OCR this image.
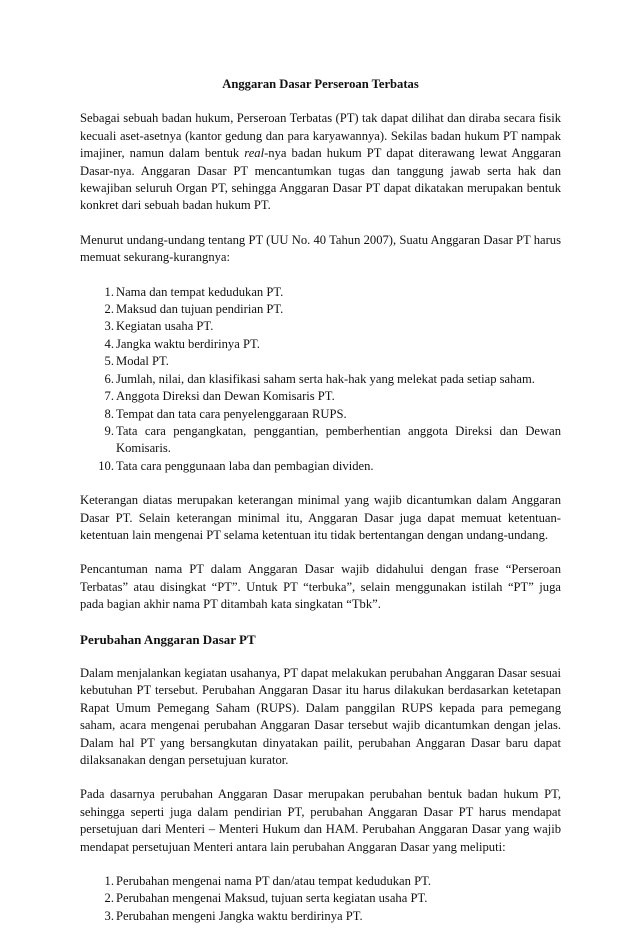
Anggaran Dasar Perseroan Terbatas

Sebagai sebuah badan hukum, Perseroan Terbatas (PT) tak dapat dilihat dan diraba secara fisik kecuali aset-asetnya (kantor gedung dan para karyawannya). Sekilas badan hukum PT nampak imajiner, namun dalam bentuk real-nya badan hukum PT dapat diterawang lewat Anggaran Dasar-nya. Anggaran Dasar PT mencantumkan tugas dan tanggung jawab serta hak dan kewajiban seluruh Organ PT, sehingga Anggaran Dasar PT dapat dikatakan merupakan bentuk konkret dari sebuah badan hukum PT.

Menurut undang-undang tentang PT (UU No. 40 Tahun 2007), Suatu Anggaran Dasar PT harus memuat sekurang-kurangnya:

1. Nama dan tempat kedudukan PT.
2. Maksud dan tujuan pendirian PT.
3. Kegiatan usaha PT.
4. Jangka waktu berdirinya PT.
5. Modal PT.
6. Jumlah, nilai, dan klasifikasi saham serta hak-hak yang melekat pada setiap saham.
7. Anggota Direksi dan Dewan Komisaris PT.
8. Tempat dan tata cara penyelenggaraan RUPS.
9. Tata cara pengangkatan, penggantian, pemberhentian anggota Direksi dan Dewan Komisaris.
10. Tata cara penggunaan laba dan pembagian dividen.

Keterangan diatas merupakan keterangan minimal yang wajib dicantumkan dalam Anggaran Dasar PT. Selain keterangan minimal itu, Anggaran Dasar juga dapat memuat ketentuan-ketentuan lain mengenai PT selama ketentuan itu tidak bertentangan dengan undang-undang.

Pencantuman nama PT dalam Anggaran Dasar wajib didahului dengan frase “Perseroan Terbatas” atau disingkat “PT”. Untuk PT “terbuka”, selain menggunakan istilah “PT” juga pada bagian akhir nama PT ditambah kata singkatan “Tbk”.

Perubahan Anggaran Dasar PT

Dalam menjalankan kegiatan usahanya, PT dapat melakukan perubahan Anggaran Dasar sesuai kebutuhan PT tersebut. Perubahan Anggaran Dasar itu harus dilakukan berdasarkan ketetapan Rapat Umum Pemegang Saham (RUPS). Dalam panggilan RUPS kepada para pemegang saham, acara mengenai perubahan Anggaran Dasar tersebut wajib dicantumkan dengan jelas. Dalam hal PT yang bersangkutan dinyatakan pailit, perubahan Anggaran Dasar baru dapat dilaksanakan dengan persetujuan kurator.

Pada dasarnya perubahan Anggaran Dasar merupakan perubahan bentuk badan hukum PT, sehingga seperti juga dalam pendirian PT, perubahan Anggaran Dasar PT harus mendapat persetujuan dari Menteri – Menteri Hukum dan HAM. Perubahan Anggaran Dasar yang wajib mendapat persetujuan Menteri antara lain perubahan Anggaran Dasar yang meliputi:

1. Perubahan mengenai nama PT dan/atau tempat kedudukan PT.
2. Perubahan mengenai Maksud, tujuan serta kegiatan usaha PT.
3. Perubahan mengeni Jangka waktu berdirinya PT.
